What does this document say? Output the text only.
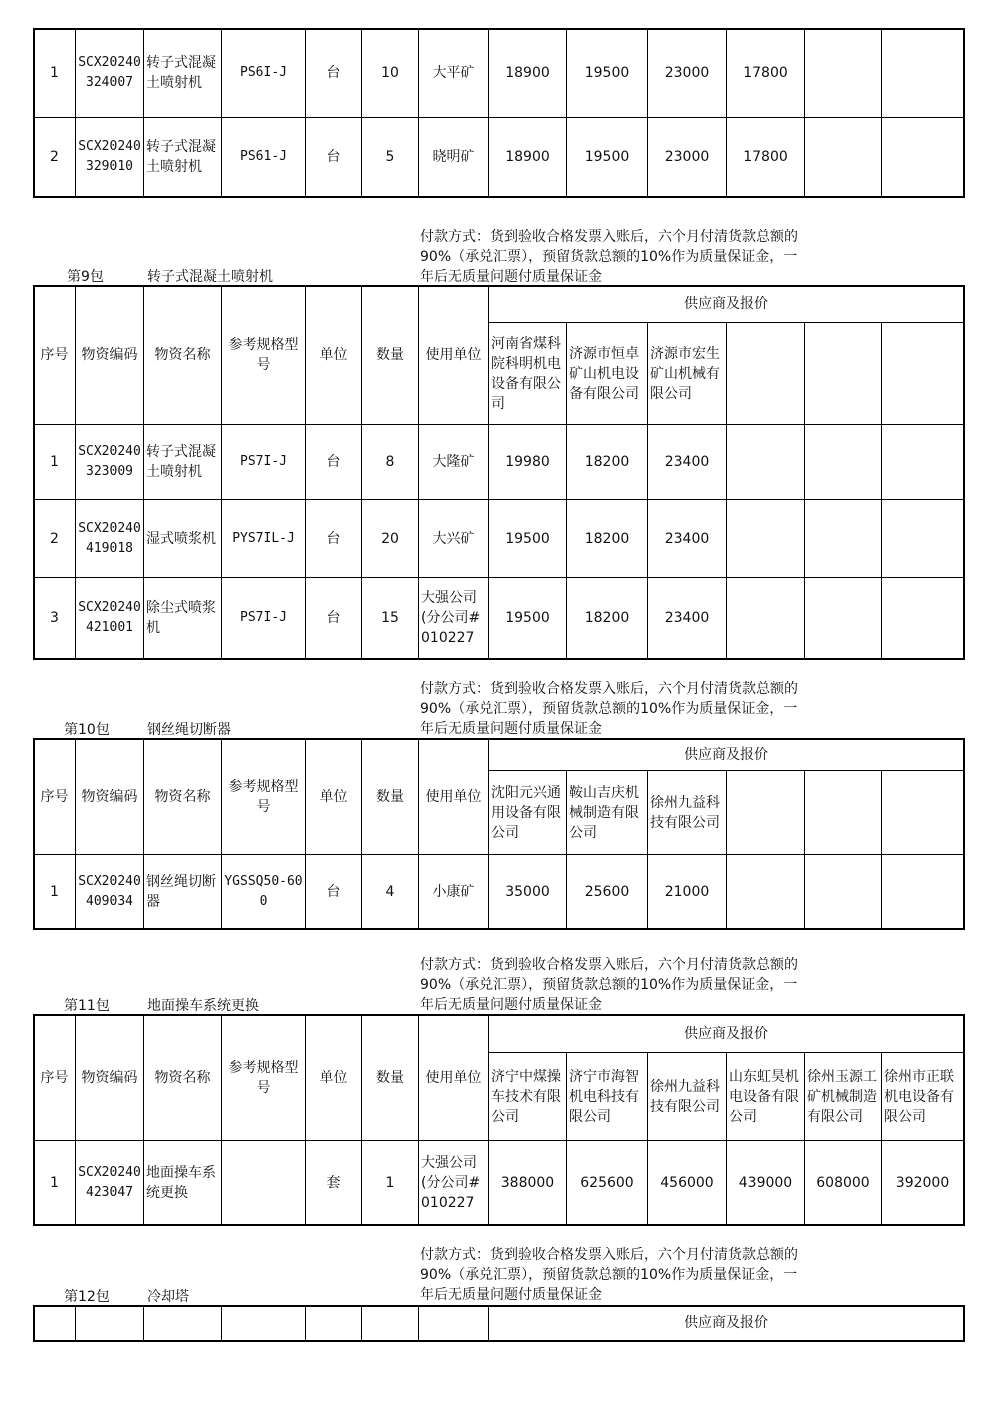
1	SCX20240324007	转子式混凝土喷射机	PS6I-J	台	10	大平矿	18900	19500	23000	17800		
2	SCX20240329010	转子式混凝土喷射机	PS61-J	台	5	晓明矿	18900	19500	23000	17800		
付款方式：货到验收合格发票入账后，六个月付清货款总额的90%（承兑汇票），预留货款总额的10%作为质量保证金，一年后无质量问题付质量保证金
第9包	转子式混凝土喷射机
序号	物资编码	物资名称	参考规格型号	单位	数量	使用单位	供应商及报价					
							河南省煤科院科明机电设备有限公司	济源市恒卓矿山机电设备有限公司	济源市宏生矿山机械有限公司			
1	SCX20240323009	转子式混凝土喷射机	PS7I-J	台	8	大隆矿	19980	18200	23400			
2	SCX20240419018	湿式喷浆机	PYS7IL-J	台	20	大兴矿	19500	18200	23400			
3	SCX20240421001	除尘式喷浆机	PS7I-J	台	15	大强公司(分公司#010227	19500	18200	23400			
付款方式：货到验收合格发票入账后，六个月付清货款总额的90%（承兑汇票），预留货款总额的10%作为质量保证金，一年后无质量问题付质量保证金
第10包	钢丝绳切断器
序号	物资编码	物资名称	参考规格型号	单位	数量	使用单位	供应商及报价					
							沈阳元兴通用设备有限公司	鞍山吉庆机械制造有限公司	徐州九益科技有限公司			
1	SCX20240409034	钢丝绳切断器	YGSSQ50-600	台	4	小康矿	35000	25600	21000			
付款方式：货到验收合格发票入账后，六个月付清货款总额的90%（承兑汇票），预留货款总额的10%作为质量保证金，一年后无质量问题付质量保证金
第11包	地面操车系统更换
序号	物资编码	物资名称	参考规格型号	单位	数量	使用单位	供应商及报价					
							济宁中煤操车技术有限公司	济宁市海智机电科技有限公司	徐州九益科技有限公司	山东虹昊机电设备有限公司	徐州玉源工矿机械制造有限公司	徐州市正联机电设备有限公司
1	SCX20240423047	地面操车系统更换		套	1	大强公司(分公司#010227	388000	625600	456000	439000	608000	392000
付款方式：货到验收合格发票入账后，六个月付清货款总额的90%（承兑汇票），预留货款总额的10%作为质量保证金，一年后无质量问题付质量保证金
第12包	冷却塔
							供应商及报价
